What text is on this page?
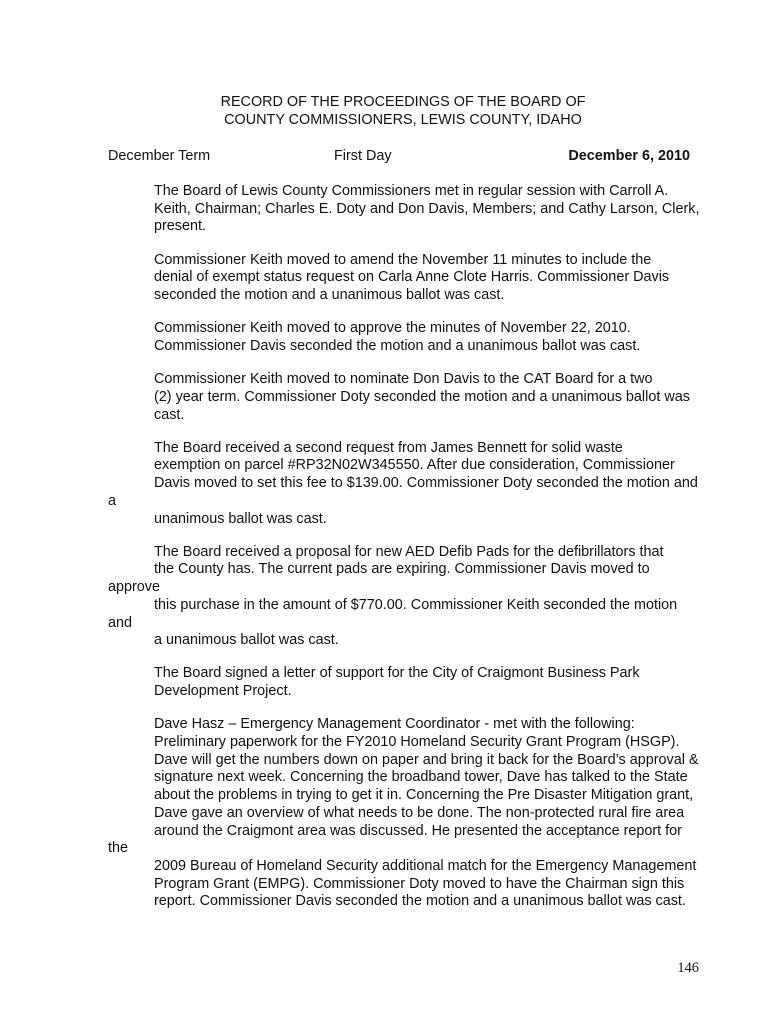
RECORD OF THE PROCEEDINGS OF THE BOARD OF
COUNTY COMMISSIONERS, LEWIS COUNTY, IDAHO
December Term	First Day	December 6, 2010

The Board of Lewis County Commissioners met in regular session with Carroll A.
Keith, Chairman; Charles E. Doty and Don Davis, Members; and Cathy Larson, Clerk,
present.

Commissioner Keith moved to amend the November 11 minutes to include the
denial of exempt status request on Carla Anne Clote Harris. Commissioner Davis
seconded the motion and a unanimous ballot was cast.

Commissioner Keith moved to approve the minutes of November 22, 2010.
Commissioner Davis seconded the motion and a unanimous ballot was cast.

Commissioner Keith moved to nominate Don Davis to the CAT Board for a two
(2) year term. Commissioner Doty seconded the motion and a unanimous ballot was
cast.

The Board received a second request from James Bennett for solid waste
exemption on parcel #RP32N02W345550. After due consideration, Commissioner
Davis moved to set this fee to $139.00. Commissioner Doty seconded the motion and a
unanimous ballot was cast.

The Board received a proposal for new AED Defib Pads for the defibrillators that
the County has. The current pads are expiring. Commissioner Davis moved to approve
this purchase in the amount of $770.00. Commissioner Keith seconded the motion and
a unanimous ballot was cast.

The Board signed a letter of support for the City of Craigmont Business Park
Development Project.

Dave Hasz – Emergency Management Coordinator - met with the following:
Preliminary paperwork for the FY2010 Homeland Security Grant Program (HSGP).
Dave will get the numbers down on paper and bring it back for the Board’s approval &
signature next week. Concerning the broadband tower, Dave has talked to the State
about the problems in trying to get it in. Concerning the Pre Disaster Mitigation grant,
Dave gave an overview of what needs to be done. The non-protected rural fire area
around the Craigmont area was discussed. He presented the acceptance report for the
2009 Bureau of Homeland Security additional match for the Emergency Management
Program Grant (EMPG). Commissioner Doty moved to have the Chairman sign this
report. Commissioner Davis seconded the motion and a unanimous ballot was cast.

146
